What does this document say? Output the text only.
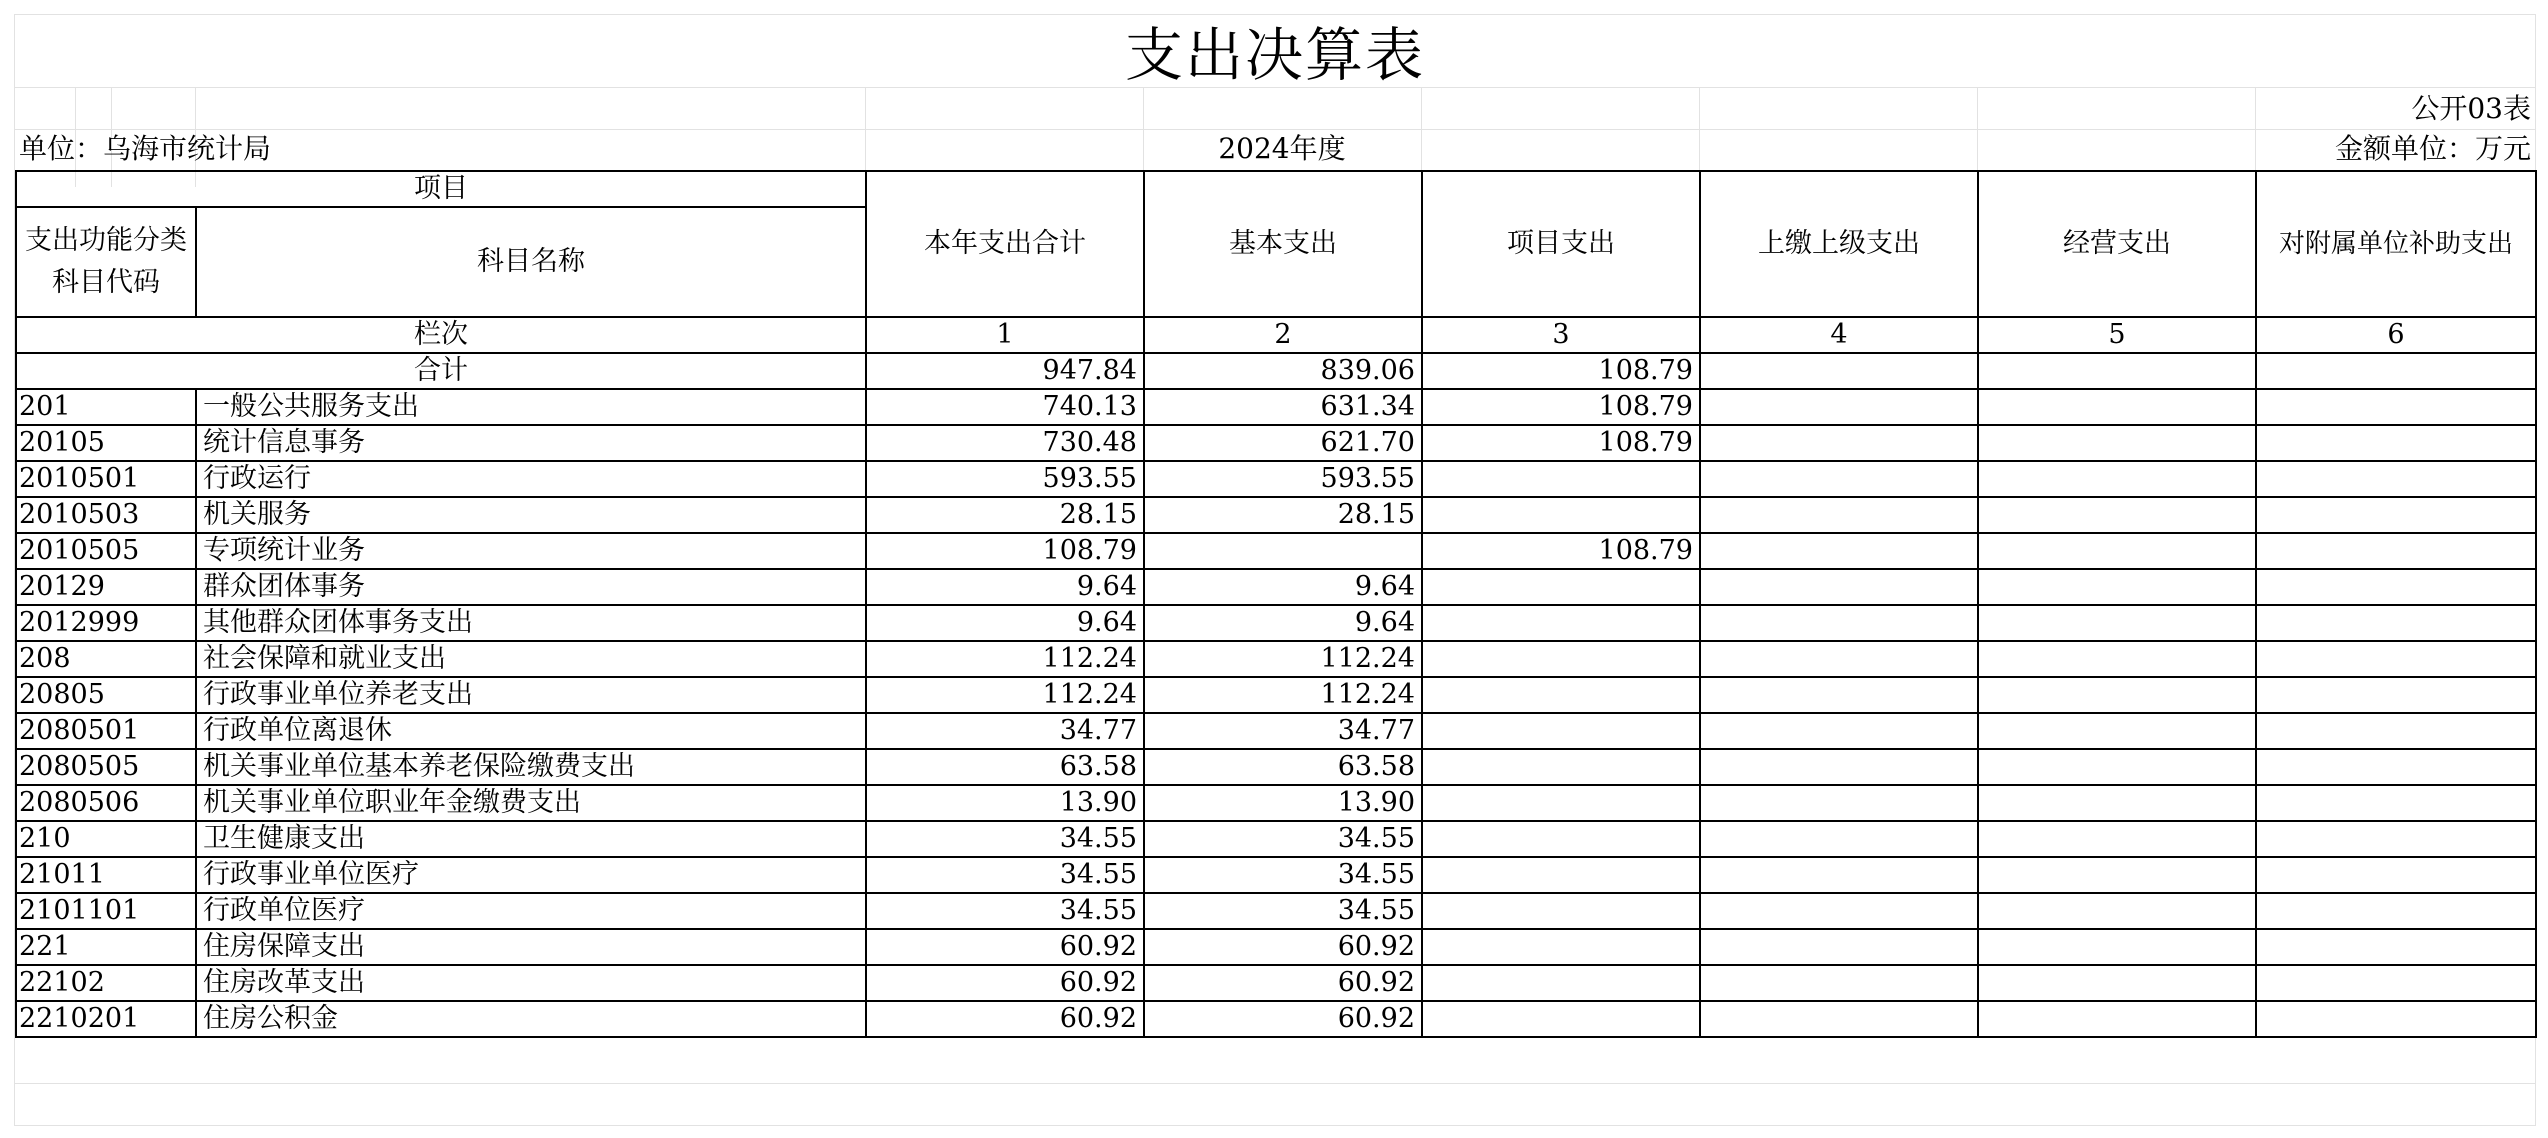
支出决算表
公开03表
单位：乌海市统计局	2024年度	金额单位：万元
项目		本年支出合计	基本支出	项目支出	上缴上级支出	经营支出	对附属单位补助支出
支出功能分类科目代码	科目名称						
栏次		1	2	3	4	5	6
合计		947.84	839.06	108.79			
201	一般公共服务支出	740.13	631.34	108.79			
20105	统计信息事务	730.48	621.70	108.79			
2010501	行政运行	593.55	593.55				
2010503	机关服务	28.15	28.15				
2010505	专项统计业务	108.79		108.79			
20129	群众团体事务	9.64	9.64				
2012999	其他群众团体事务支出	9.64	9.64				
208	社会保障和就业支出	112.24	112.24				
20805	行政事业单位养老支出	112.24	112.24				
2080501	行政单位离退休	34.77	34.77				
2080505	机关事业单位基本养老保险缴费支出	63.58	63.58				
2080506	机关事业单位职业年金缴费支出	13.90	13.90				
210	卫生健康支出	34.55	34.55				
21011	行政事业单位医疗	34.55	34.55				
2101101	行政单位医疗	34.55	34.55				
221	住房保障支出	60.92	60.92				
22102	住房改革支出	60.92	60.92				
2210201	住房公积金	60.92	60.92				
